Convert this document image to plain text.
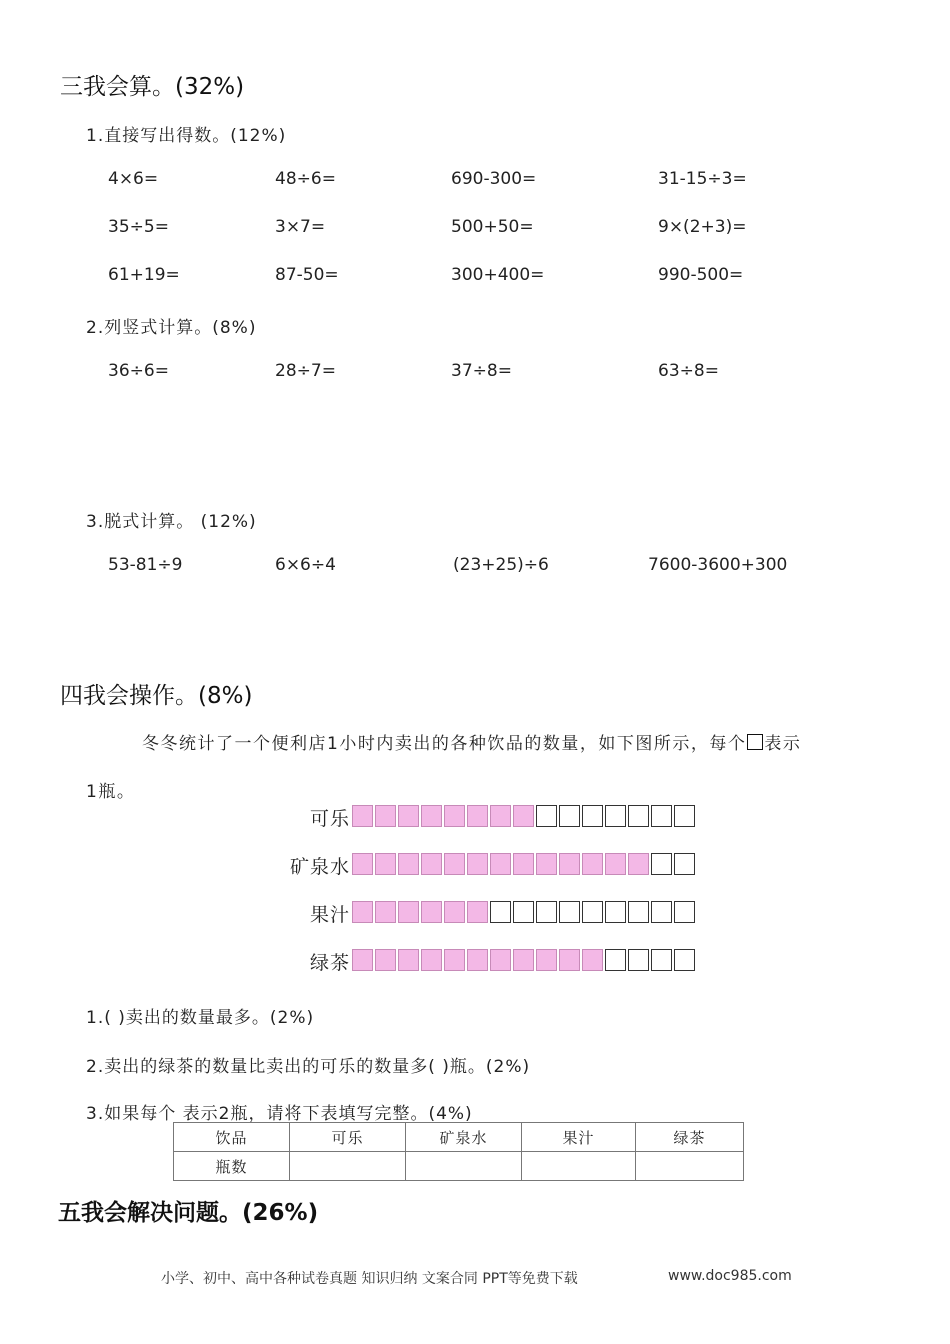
三我会算。(32%)
1.直接写出得数。(12%)
4×6=	48÷6=	690-300=	31-15÷3=
35÷5=	3×7=	500+50=	9×(2+3)=
61+19=	87-50=	300+400=	990-500=
2.列竖式计算。(8%)
36÷6=	28÷7=	37÷8=	63÷8=
3.脱式计算。 (12%)
53-81÷9	6×6÷4	(23+25)÷6	7600-3600+300
四我会操作。(8%)
冬冬统计了一个便利店1小时内卖出的各种饮品的数量，如下图所示，每个 表示
1瓶。
可乐
矿泉水
果汁
绿茶
1.( )卖出的数量最多。(2%)
2.卖出的绿茶的数量比卖出的可乐的数量多( )瓶。(2%)
3.如果每个 表示2瓶，请将下表填写完整。(4%)
饮品	可乐	矿泉水	果汁	绿茶
瓶数				
五我会解决问题。(26%)
小学、初中、高中各种试卷真题 知识归纳 文案合同 PPT等免费下载	www.doc985.com
